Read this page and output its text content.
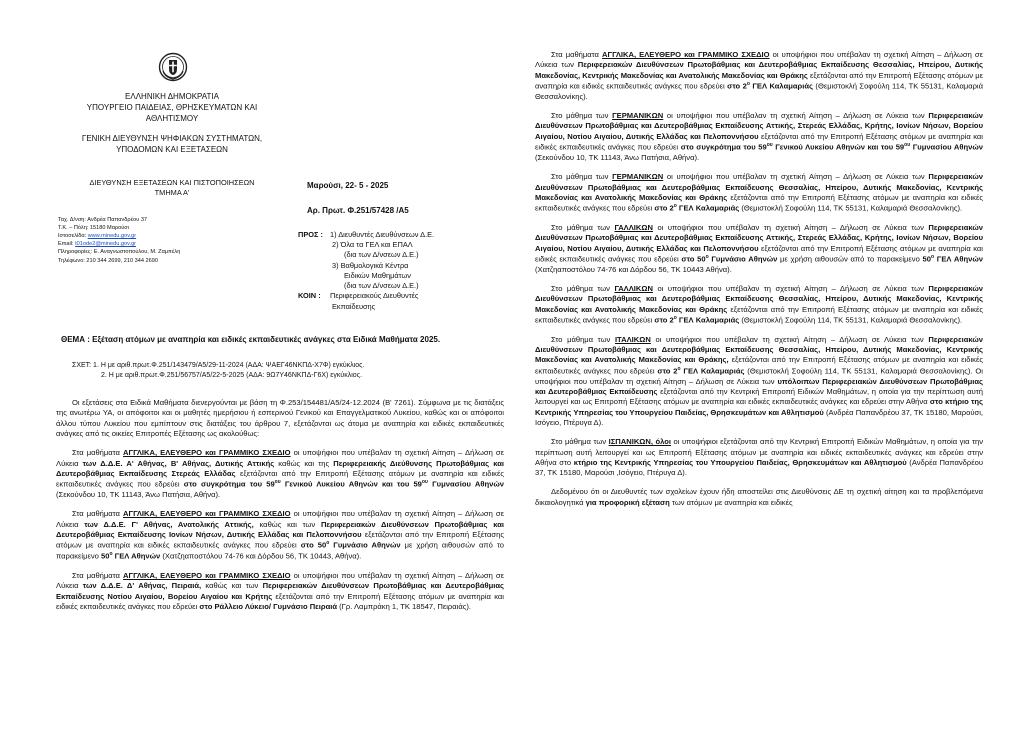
ΕΛΛΗΝΙΚΗ ΔΗΜΟΚΡΑΤΙΑ
ΥΠΟΥΡΓΕΙΟ ΠΑΙΔΕΙΑΣ, ΘΡΗΣΚΕΥΜΑΤΩΝ ΚΑΙ
ΑΘΛΗΤΙΣΜΟΥ
ΓΕΝΙΚΗ ΔΙΕΥΘΥΝΣΗ ΨΗΦΙΑΚΩΝ ΣΥΣΤΗΜΑΤΩΝ,
ΥΠΟΔΟΜΩΝ ΚΑΙ ΕΞΕΤΑΣΕΩΝ
ΔΙΕΥΘΥΝΣΗ ΕΞΕΤΑΣΕΩΝ ΚΑΙ ΠΙΣΤΟΠΟΙΗΣΕΩΝ
ΤΜΗΜΑ Α'
Ταχ. Δ/νση: Ανδρέα Παπανδρέου 37
Τ.Κ. – Πόλη: 15180 Μαρούσι
Ιστοσελίδα: www.minedu.gov.gr
Email: t01ode2@minedu.gov.gr
Πληροφορίες: Ε. Αναγνωστοπούλου, Μ. Ζαμπέλη
Τηλέφωνο: 210 344 2699, 210 344 2690
Μαρούσι, 22- 5 - 2025
Αρ. Πρωτ. Φ.251/57428 /Α5
ΠΡΟΣ : 1) Διευθυντές Διευθύνσεων Δ.Ε.
2) Όλα τα ΓΕΛ και ΕΠΑΛ
(δια των Δ/νσεων Δ.Ε.)
3) Βαθμολογικά Κέντρα
Ειδικών Μαθημάτων
(δια των Δ/νσεων Δ.Ε.)
ΚΟΙΝ :	Περιφερειακούς Διευθυντές
Εκπαίδευσης
ΘΕΜΑ : Εξέταση ατόμων με αναπηρία και ειδικές εκπαιδευτικές ανάγκες στα Ειδικά Μαθήματα 2025.
ΣΧΕΤ: 1. Η με αριθ.πρωτ.Φ.251/143479/Α5/29-11-2024 (ΑΔΑ: ΨΑΕΓ46ΝΚΠΔ-Χ7Φ) εγκύκλιος.
2. Η με αριθ.πρωτ.Φ.251/56757/Α5/22-5-2025 (ΑΔΑ: 9Ω7Υ46ΝΚΠΔ-Γ6Χ) εγκύκλιος.

Οι εξετάσεις στα Ειδικά Μαθήματα διενεργούνται με βάση τη Φ.253/154481/Α5/24-12.2024 (Β' 7261). Σύμφωνα με τις διατάξεις της ανωτέρω ΥΑ, οι απόφοιτοι και οι μαθητές ημερήσιου ή εσπερινού Γενικού και Επαγγελματικού Λυκείου, καθώς και οι απόφοιτοι άλλου τύπου Λυκείου που εμπίπτουν στις διατάξεις του άρθρου 7, εξετάζονται ως άτομα με αναπηρία και ειδικές εκπαιδευτικές ανάγκες από τις οικείες Επιτροπές Εξέτασης ως ακολούθως:

Στα μαθήματα ΑΓΓΛΙΚΑ, ΕΛΕΥΘΕΡΟ και ΓΡΑΜΜΙΚΟ ΣΧΕΔΙΟ οι υποψήφιοι που υπέβαλαν τη σχετική Αίτηση – Δήλωση σε Λύκεια των Δ.Δ.Ε. Α' Αθήνας, Β' Αθήνας, Δυτικής Αττικής καθώς και της Περιφερειακής Διεύθυνσης Πρωτοβάθμιας και Δευτεροβάθμιας Εκπαίδευσης Στερεάς Ελλάδας εξετάζονται από την Επιτροπή Εξέτασης ατόμων με αναπηρία και ειδικές εκπαιδευτικές ανάγκες που εδρεύει στο συγκρότημα του $59^{o\upsilon}$ Γενικού Λυκείου Αθηνών και του $59^{o\upsilon}$ Γυμνασίου Αθηνών (Σεκούνδου 10, ΤΚ 11143, Άνω Πατήσια, Αθήνα).

Στα μαθήματα ΑΓΓΛΙΚΑ, ΕΛΕΥΘΕΡΟ και ΓΡΑΜΜΙΚΟ ΣΧΕΔΙΟ οι υποψήφιοι που υπέβαλαν τη σχετική Αίτηση – Δήλωση σε Λύκεια των Δ.Δ.Ε. Γ' Αθήνας, Ανατολικής Αττικής, καθώς και των Περιφερειακών Διευθύνσεων Πρωτοβάθμιας και Δευτεροβάθμιας Εκπαίδευσης Ιονίων Νήσων, Δυτικής Ελλάδας και Πελοποννήσου εξετάζονται από την Επιτροπή Εξέτασης ατόμων με αναπηρία και ειδικές εκπαιδευτικές ανάγκες που εδρεύει στο $50^o$ Γυμνάσιο Αθηνών με χρήση αιθουσών από το παρακείμενο $50^o$ ΓΕΛ Αθηνών (Χατζηαποστόλου 74-76 και Δόρδου 56, ΤΚ 10443, Αθήνα).

Στα μαθήματα ΑΓΓΛΙΚΑ, ΕΛΕΥΘΕΡΟ και ΓΡΑΜΜΙΚΟ ΣΧΕΔΙΟ οι υποψήφιοι που υπέβαλαν τη σχετική Αίτηση – Δήλωση σε Λύκεια των Δ.Δ.Ε. Δ' Αθήνας, Πειραιά, καθώς και των Περιφερειακών Διευθύνσεων Πρωτοβάθμιας και Δευτεροβάθμιας Εκπαίδευσης Νοτίου Αιγαίου, Βορείου Αιγαίου και Κρήτης εξετάζονται από την Επιτροπή Εξέτασης ατόμων με αναπηρία και ειδικές εκπαιδευτικές ανάγκες που εδρεύει στο Ράλλειο Λύκειο/ Γυμνάσιο Πειραιά (Γρ. Λαμπράκη 1, ΤΚ 18547, Πειραιάς).

Στα μαθήματα ΑΓΓΛΙΚΑ, ΕΛΕΥΘΕΡΟ και ΓΡΑΜΜΙΚΟ ΣΧΕΔΙΟ οι υποψήφιοι που υπέβαλαν τη σχετική Αίτηση – Δήλωση σε Λύκεια των Περιφερειακών Διευθύνσεων Πρωτοβάθμιας και Δευτεροβάθμιας Εκπαίδευσης Θεσσαλίας, Ηπείρου, Δυτικής Μακεδονίας, Κεντρικής Μακεδονίας και Ανατολικής Μακεδονίας και Θράκης εξετάζονται από την Επιτροπή Εξέτασης ατόμων με αναπηρία και ειδικές εκπαιδευτικές ανάγκες που εδρεύει στο $2^o$ ΓΕΛ Καλαμαριάς (Θεμιστοκλή Σοφούλη 114, ΤΚ 55131, Καλαμαριά Θεσσαλονίκης).

Στο μάθημα των ΓΕΡΜΑΝΙΚΩΝ οι υποψήφιοι που υπέβαλαν τη σχετική Αίτηση – Δήλωση σε Λύκεια των Περιφερειακών Διευθύνσεων Πρωτοβάθμιας και Δευτεροβάθμιας Εκπαίδευσης Αττικής, Στερεάς Ελλάδας, Κρήτης, Ιονίων Νήσων, Βορείου Αιγαίου, Νοτίου Αιγαίου, Δυτικής Ελλάδας και Πελοποννήσου εξετάζονται από την Επιτροπή Εξέτασης ατόμων με αναπηρία και ειδικές εκπαιδευτικές ανάγκες που εδρεύει στο συγκρότημα του $59^{o\upsilon}$ Γενικού Λυκείου Αθηνών και του $59^{o\upsilon}$ Γυμνασίου Αθηνών (Σεκούνδου 10, ΤΚ 11143, Άνω Πατήσια, Αθήνα).

Στο μάθημα των ΓΕΡΜΑΝΙΚΩΝ οι υποψήφιοι που υπέβαλαν τη σχετική Αίτηση – Δήλωση σε Λύκεια των Περιφερειακών Διευθύνσεων Πρωτοβάθμιας και Δευτεροβάθμιας Εκπαίδευσης Θεσσαλίας, Ηπείρου, Δυτικής Μακεδονίας, Κεντρικής Μακεδονίας και Ανατολικής Μακεδονίας και Θράκης εξετάζονται από την Επιτροπή Εξέτασης ατόμων με αναπηρία και ειδικές εκπαιδευτικές ανάγκες που εδρεύει στο $2^o$ ΓΕΛ Καλαμαριάς (Θεμιστοκλή Σοφούλη 114, ΤΚ 55131, Καλαμαριά Θεσσαλονίκης).

Στο μάθημα των ΓΑΛΛΙΚΩΝ οι υποψήφιοι που υπέβαλαν τη σχετική Αίτηση – Δήλωση σε Λύκεια των Περιφερειακών Διευθύνσεων Πρωτοβάθμιας και Δευτεροβάθμιας Εκπαίδευσης Αττικής, Στερεάς Ελλάδας, Κρήτης, Ιονίων Νήσων, Βορείου Αιγαίου, Νοτίου Αιγαίου, Δυτικής Ελλάδας και Πελοποννήσου εξετάζονται από την Επιτροπή Εξέτασης ατόμων με αναπηρία και ειδικές εκπαιδευτικές ανάγκες που εδρεύει στο $50^o$ Γυμνάσιο Αθηνών με χρήση αιθουσών από το παρακείμενο $50^o$ ΓΕΛ Αθηνών (Χατζηαποστόλου 74-76 και Δόρδου 56, ΤΚ 10443 Αθήνα).

Στο μάθημα των ΓΑΛΛΙΚΩΝ οι υποψήφιοι που υπέβαλαν τη σχετική Αίτηση – Δήλωση σε Λύκεια των Περιφερειακών Διευθύνσεων Πρωτοβάθμιας και Δευτεροβάθμιας Εκπαίδευσης Θεσσαλίας, Ηπείρου, Δυτικής Μακεδονίας, Κεντρικής Μακεδονίας και Ανατολικής Μακεδονίας και Θράκης εξετάζονται από την Επιτροπή Εξέτασης ατόμων με αναπηρία και ειδικές εκπαιδευτικές ανάγκες που εδρεύει στο $2^o$ ΓΕΛ Καλαμαριάς (Θεμιστοκλή Σοφούλη 114, ΤΚ 55131, Καλαμαριά Θεσσαλονίκης).

Στο μάθημα των ΙΤΑΛΙΚΩΝ οι υποψήφιοι που υπέβαλαν τη σχετική Αίτηση – Δήλωση σε Λύκεια των Περιφερειακών Διευθύνσεων Πρωτοβάθμιας και Δευτεροβάθμιας Εκπαίδευσης Θεσσαλίας, Ηπείρου, Δυτικής Μακεδονίας, Κεντρικής Μακεδονίας και Ανατολικής Μακεδονίας και Θράκης, εξετάζονται από την Επιτροπή Εξέτασης ατόμων με αναπηρία και ειδικές εκπαιδευτικές ανάγκες που εδρεύει στο $2^o$ ΓΕΛ Καλαμαριάς (Θεμιστοκλή Σοφούλη 114, ΤΚ 55131, Καλαμαριά Θεσσαλονίκης). Οι υποψήφιοι που υπέβαλαν τη σχετική Αίτηση – Δήλωση σε Λύκεια των υπόλοιπων Περιφερειακών Διευθύνσεων Πρωτοβάθμιας και Δευτεροβάθμιας Εκπαίδευσης εξετάζονται από την Κεντρική Επιτροπή Ειδικών Μαθημάτων, η οποία για την περίπτωση αυτή λειτουργεί και ως Επιτροπή Εξέτασης ατόμων με αναπηρία και ειδικές εκπαιδευτικές ανάγκες και εδρεύει στην Αθήνα στο κτήριο της Κεντρικής Υπηρεσίας του Υπουργείου Παιδείας, Θρησκευμάτων και Αθλητισμού (Ανδρέα Παπανδρέου 37, ΤΚ 15180, Μαρούσι, Ισόγειο, Πτέρυγα Δ).

Στο μάθημα των ΙΣΠΑΝΙΚΩΝ, όλοι οι υποψήφιοι εξετάζονται από την Κεντρική Επιτροπή Ειδικών Μαθημάτων, η οποία για την περίπτωση αυτή λειτουργεί και ως Επιτροπή Εξέτασης ατόμων με αναπηρία και ειδικές εκπαιδευτικές ανάγκες και εδρεύει στην Αθήνα στο κτήριο της Κεντρικής Υπηρεσίας του Υπουργείου Παιδείας, Θρησκευμάτων και Αθλητισμού (Ανδρέα Παπανδρέου 37, ΤΚ 15180, Μαρούσι ,Ισόγειο, Πτέρυγα Δ).

Δεδομένου ότι οι Διευθυντές των σχολείων έχουν ήδη αποστείλει στις Διευθύνσεις ΔΕ τη σχετική αίτηση και τα προβλεπόμενα δικαιολογητικά για προφορική εξέταση των ατόμων με αναπηρία και ειδικές
